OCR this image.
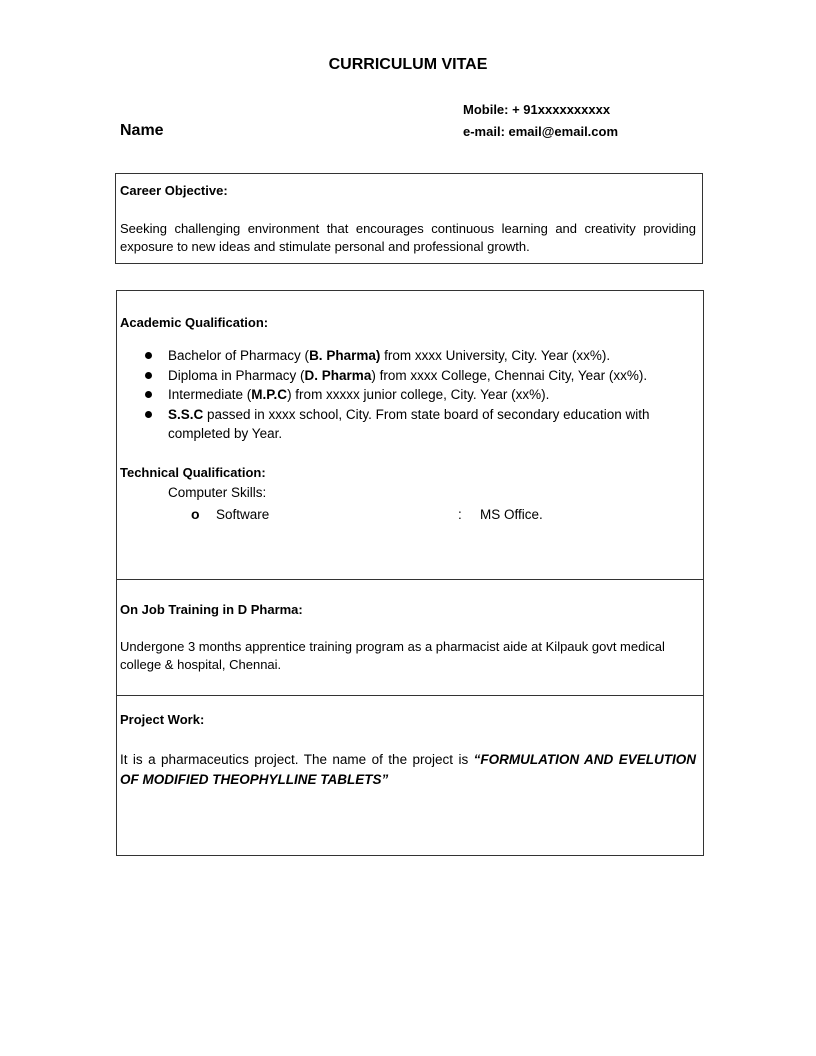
CURRICULUM VITAE
Name
Mobile: + 91xxxxxxxxxx
e-mail: email@email.com
Career Objective:
Seeking challenging environment that encourages continuous learning and creativity providing exposure to new ideas and stimulate personal and professional growth.
Academic Qualification:
Bachelor of Pharmacy (B. Pharma) from xxxx University, City. Year (xx%).
Diploma in Pharmacy (D. Pharma) from xxxx College, Chennai City, Year (xx%).
Intermediate (M.P.C) from xxxxx junior college, City. Year (xx%).
S.S.C passed in xxxx school, City. From state board of secondary education with completed by Year.
Technical Qualification:
Computer Skills:
o Software	: MS Office.
On Job Training in D Pharma:
Undergone 3 months apprentice training program as a pharmacist aide at Kilpauk govt medical college & hospital, Chennai.
Project Work:
It is a pharmaceutics project. The name of the project is “FORMULATION AND EVELUTION OF MODIFIED THEOPHYLLINE TABLETS”
